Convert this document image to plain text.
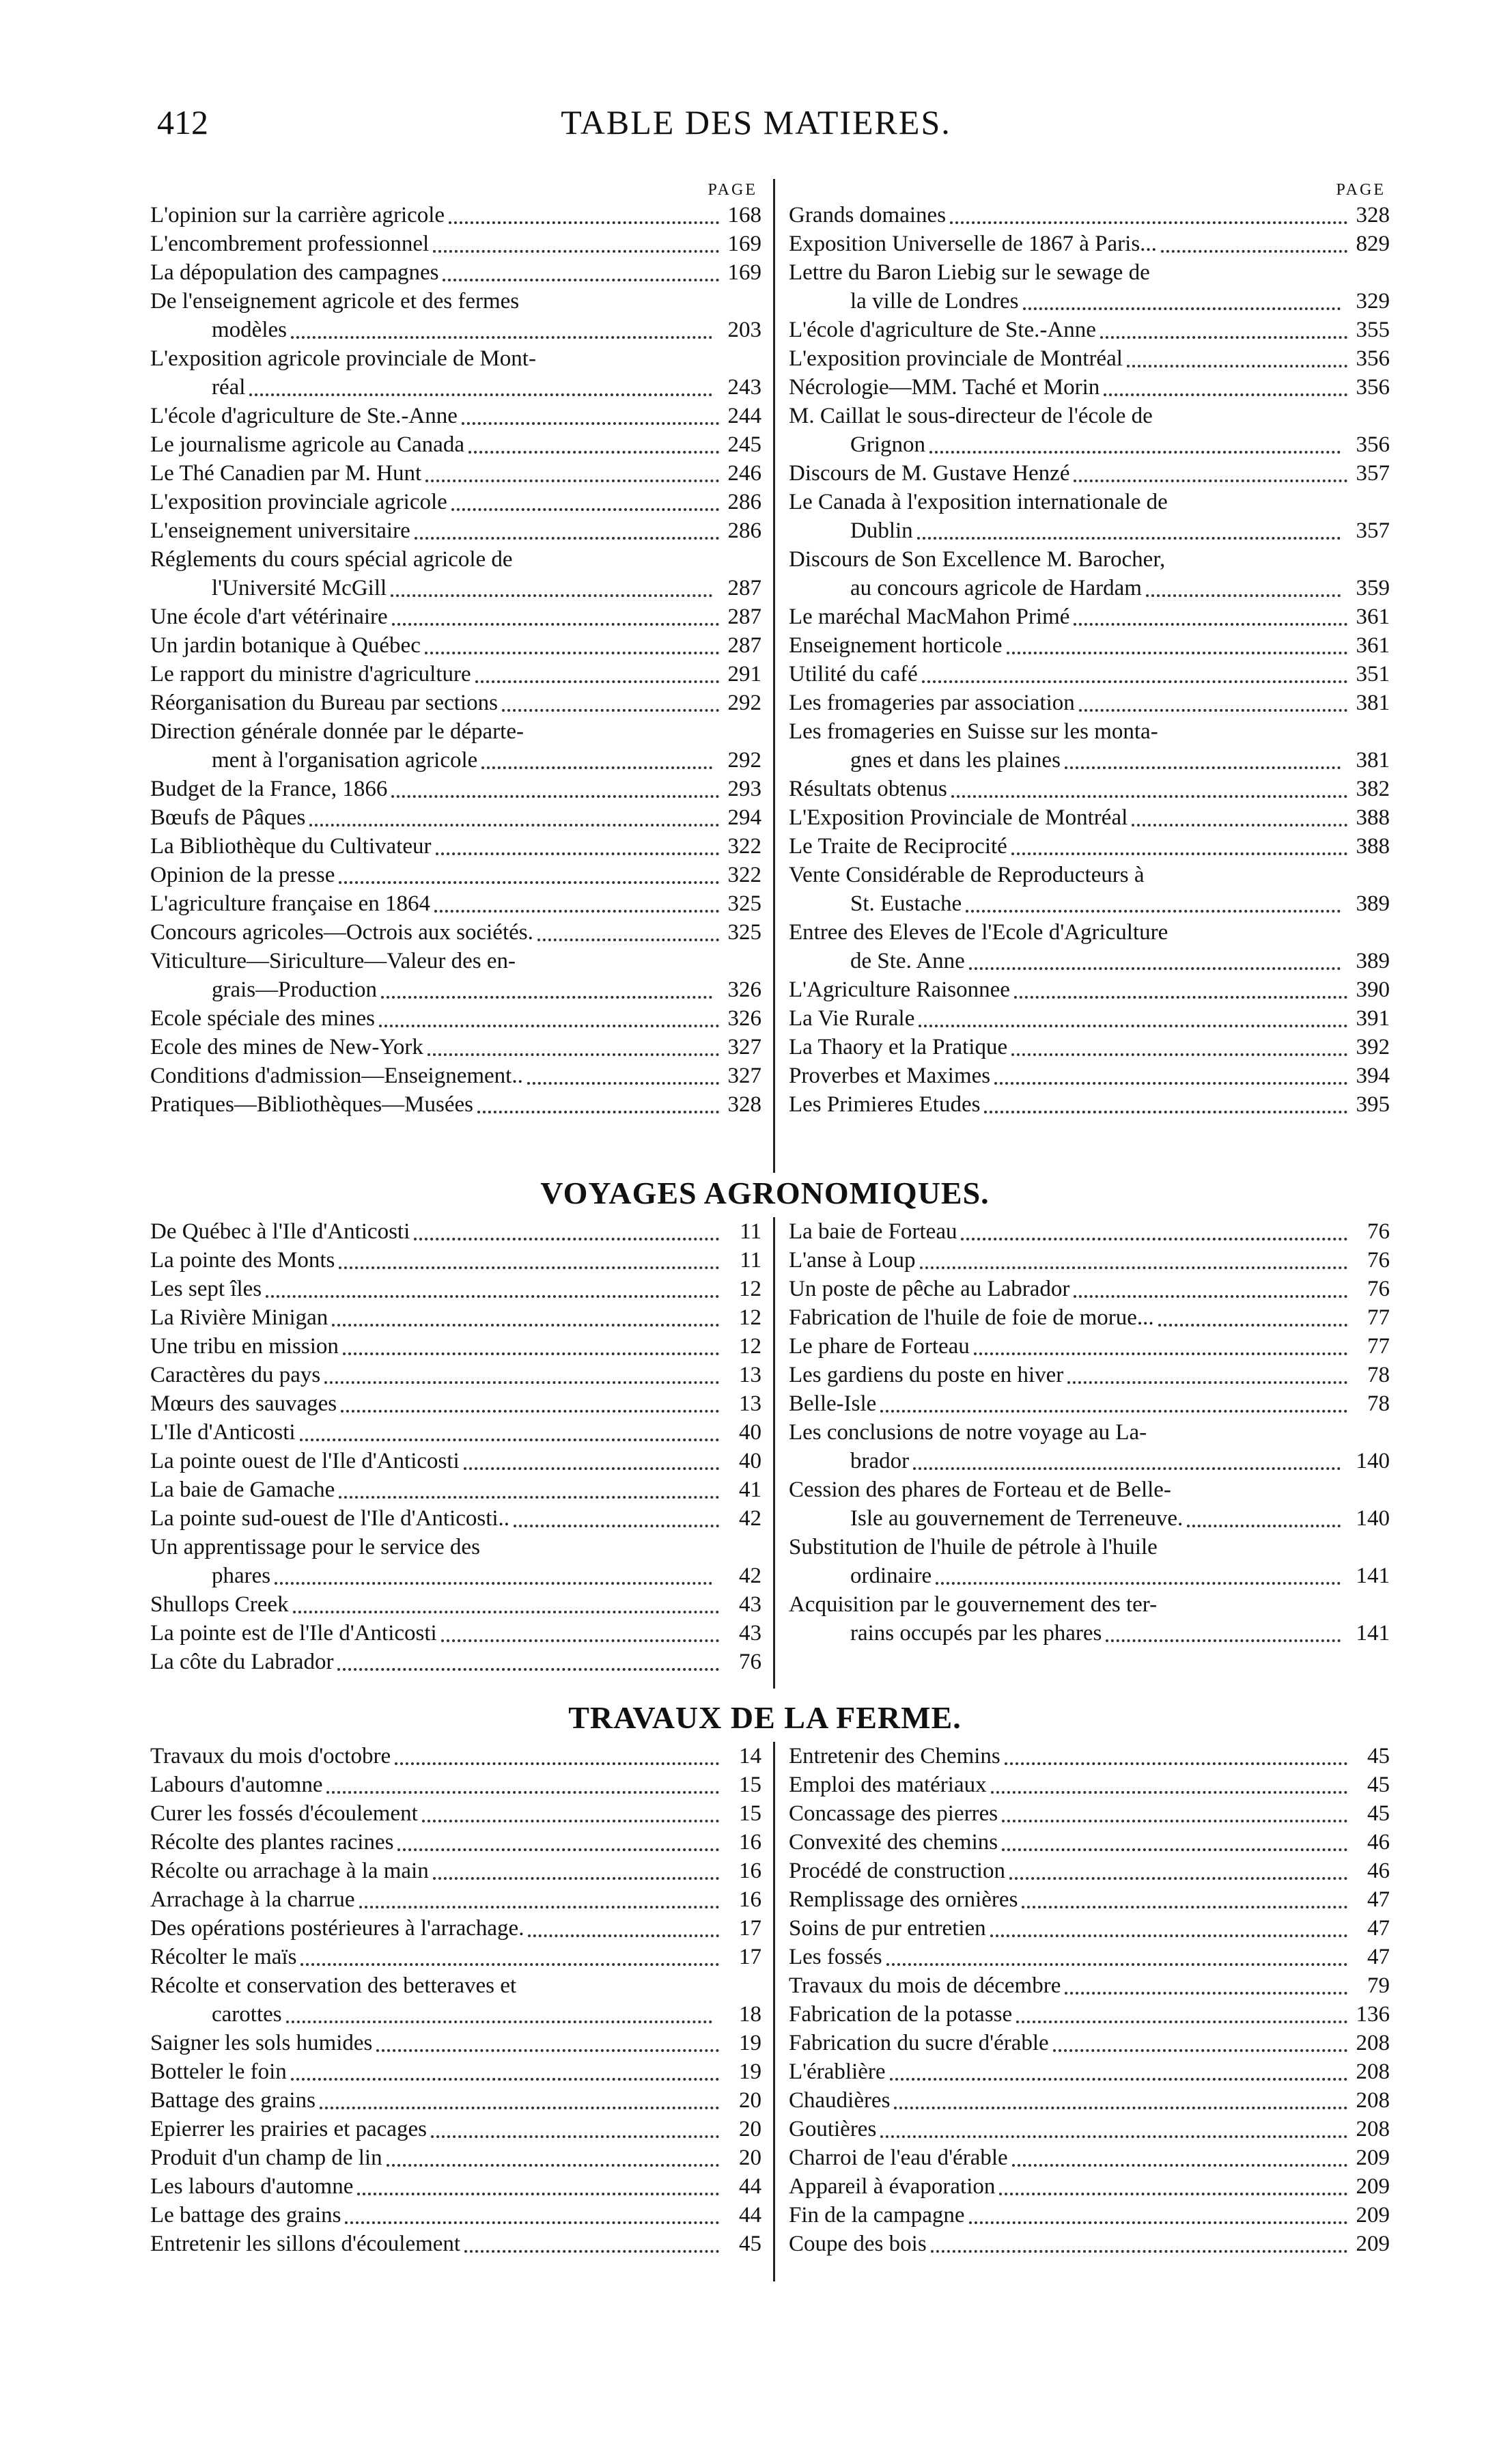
412	TABLE DES MATIERES.
PAGE
L'opinion sur la carrière agricole	168
L'encombrement professionnel	169
La dépopulation des campagnes	169
De l'enseignement agricole et des fermes
modèles	203
L'exposition agricole provinciale de Mont-
réal	243
L'école d'agriculture de Ste.-Anne	244
Le journalisme agricole au Canada	245
Le Thé Canadien par M. Hunt	246
L'exposition provinciale agricole	286
L'enseignement universitaire	286
Réglements du cours spécial agricole de
l'Université McGill	287
Une école d'art vétérinaire	287
Un jardin botanique à Québec	287
Le rapport du ministre d'agriculture	291
Réorganisation du Bureau par sections	292
Direction générale donnée par le départe-
ment à l'organisation agricole	292
Budget de la France, 1866	293
Bœufs de Pâques	294
La Bibliothèque du Cultivateur	322
Opinion de la presse	322
L'agriculture française en 1864	325
Concours agricoles—Octrois aux sociétés.	325
Viticulture—Siriculture—Valeur des en-
grais—Production	326
Ecole spéciale des mines	326
Ecole des mines de New-York	327
Conditions d'admission—Enseignement..	327
Pratiques—Bibliothèques—Musées	328
PAGE
Grands domaines	328
Exposition Universelle de 1867 à Paris...	829
Lettre du Baron Liebig sur le sewage de
la ville de Londres	329
L'école d'agriculture de Ste.-Anne	355
L'exposition provinciale de Montréal	356
Nécrologie—MM. Taché et Morin	356
M. Caillat le sous-directeur de l'école de
Grignon	356
Discours de M. Gustave Henzé	357
Le Canada à l'exposition internationale de
Dublin	357
Discours de Son Excellence M. Barocher,
au concours agricole de Hardam	359
Le maréchal MacMahon Primé	361
Enseignement horticole	361
Utilité du café	351
Les fromageries par association	381
Les fromageries en Suisse sur les monta-
gnes et dans les plaines	381
Résultats obtenus	382
L'Exposition Provinciale de Montréal	388
Le Traite de Reciprocité	388
Vente Considérable de Reproducteurs à
St. Eustache	389
Entree des Eleves de l'Ecole d'Agriculture
de Ste. Anne	389
L'Agriculture Raisonnee	390
La Vie Rurale	391
La Thaory et la Pratique	392
Proverbes et Maximes	394
Les Primieres Etudes	395
VOYAGES AGRONOMIQUES.
De Québec à l'Ile d'Anticosti	11
La pointe des Monts	11
Les sept îles	12
La Rivière Minigan	12
Une tribu en mission	12
Caractères du pays	13
Mœurs des sauvages	13
L'Ile d'Anticosti	40
La pointe ouest de l'Ile d'Anticosti	40
La baie de Gamache	41
La pointe sud-ouest de l'Ile d'Anticosti..	42
Un apprentissage pour le service des
phares	42
Shullops Creek	43
La pointe est de l'Ile d'Anticosti	43
La côte du Labrador	76
La baie de Forteau	76
L'anse à Loup	76
Un poste de pêche au Labrador	76
Fabrication de l'huile de foie de morue...	77
Le phare de Forteau	77
Les gardiens du poste en hiver	78
Belle-Isle	78
Les conclusions de notre voyage au La-
brador	140
Cession des phares de Forteau et de Belle-
Isle au gouvernement de Terreneuve.	140
Substitution de l'huile de pétrole à l'huile
ordinaire	141
Acquisition par le gouvernement des ter-
rains occupés par les phares	141
TRAVAUX DE LA FERME.
Travaux du mois d'octobre	14
Labours d'automne	15
Curer les fossés d'écoulement	15
Récolte des plantes racines	16
Récolte ou arrachage à la main	16
Arrachage à la charrue	16
Des opérations postérieures à l'arrachage.	17
Récolter le maïs	17
Récolte et conservation des betteraves et
carottes	18
Saigner les sols humides	19
Botteler le foin	19
Battage des grains	20
Epierrer les prairies et pacages	20
Produit d'un champ de lin	20
Les labours d'automne	44
Le battage des grains	44
Entretenir les sillons d'écoulement	45
Entretenir des Chemins	45
Emploi des matériaux	45
Concassage des pierres	45
Convexité des chemins	46
Procédé de construction	46
Remplissage des ornières	47
Soins de pur entretien	47
Les fossés	47
Travaux du mois de décembre	79
Fabrication de la potasse	136
Fabrication du sucre d'érable	208
L'érablière	208
Chaudières	208
Goutières	208
Charroi de l'eau d'érable	209
Appareil à évaporation	209
Fin de la campagne	209
Coupe des bois	209
